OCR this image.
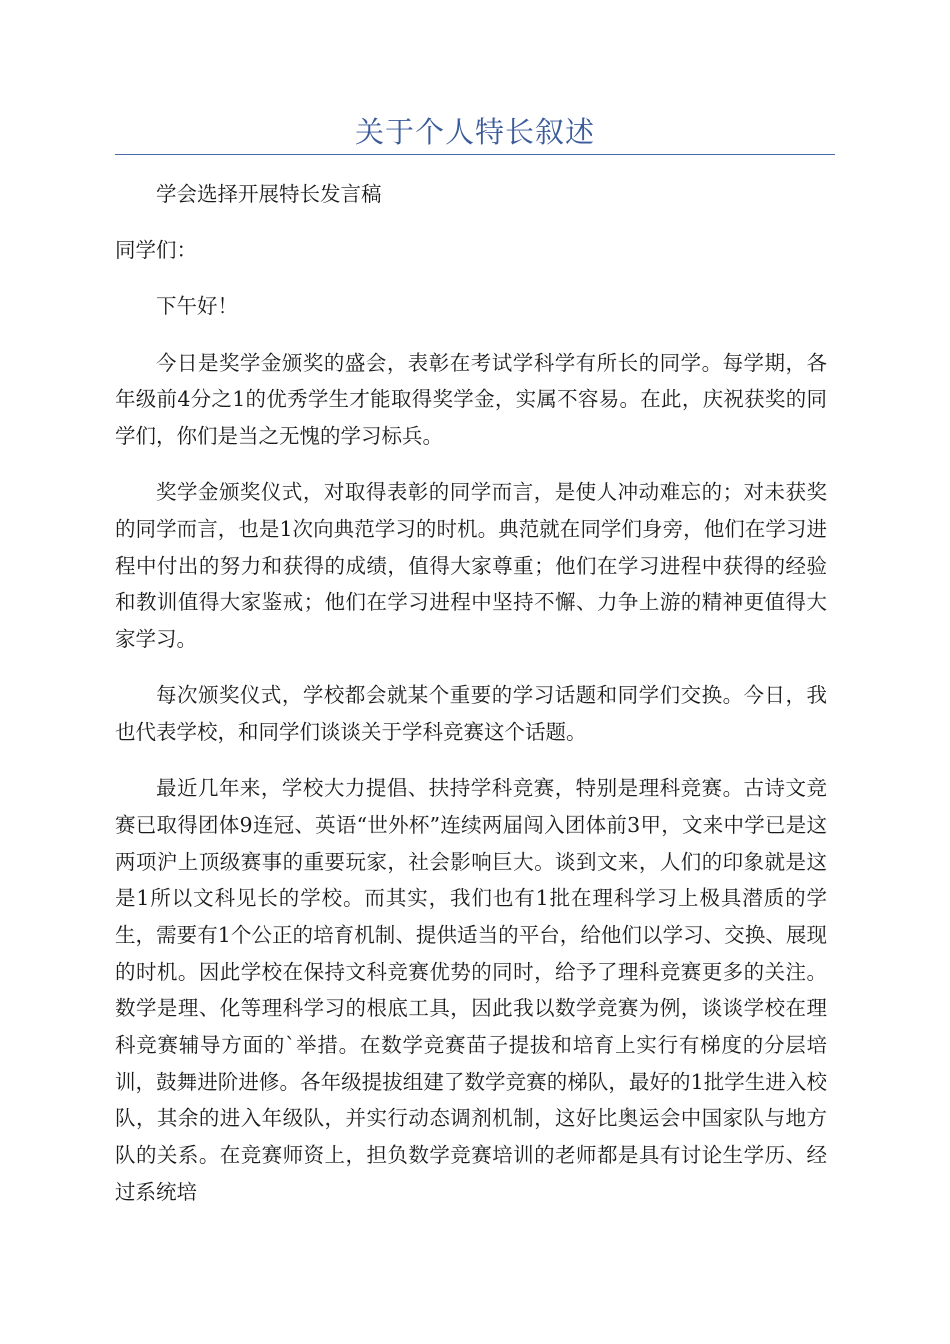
关于个人特长叙述

学会选择开展特长发言稿

同学们：

下午好！

今日是奖学金颁奖的盛会，表彰在考试学科学有所长的同学。每学期，各年级前4分之1的优秀学生才能取得奖学金，实属不容易。在此，庆祝获奖的同学们，你们是当之无愧的学习标兵。

奖学金颁奖仪式，对取得表彰的同学而言，是使人冲动难忘的；对未获奖的同学而言，也是1次向典范学习的时机。典范就在同学们身旁，他们在学习进程中付出的努力和获得的成绩，值得大家尊重；他们在学习进程中获得的经验和教训值得大家鉴戒；他们在学习进程中坚持不懈、力争上游的精神更值得大家学习。

每次颁奖仪式，学校都会就某个重要的学习话题和同学们交换。今日，我也代表学校，和同学们谈谈关于学科竞赛这个话题。

最近几年来，学校大力提倡、扶持学科竞赛，特别是理科竞赛。古诗文竞赛已取得团体9连冠、英语“世外杯”连续两届闯入团体前3甲，文来中学已是这两项沪上顶级赛事的重要玩家，社会影响巨大。谈到文来，人们的印象就是这是1所以文科见长的学校。而其实，我们也有1批在理科学习上极具潜质的学生，需要有1个公正的培育机制、提供适当的平台，给他们以学习、交换、展现的时机。因此学校在保持文科竞赛优势的同时，给予了理科竞赛更多的关注。数学是理、化等理科学习的根底工具，因此我以数学竞赛为例，谈谈学校在理科竞赛辅导方面的`举措。在数学竞赛苗子提拔和培育上实行有梯度的分层培训，鼓舞进阶进修。各年级提拔组建了数学竞赛的梯队，最好的1批学生进入校队，其余的进入年级队，并实行动态调剂机制，这好比奥运会中国家队与地方队的关系。在竞赛师资上，担负数学竞赛培训的老师都是具有讨论生学历、经过系统培
